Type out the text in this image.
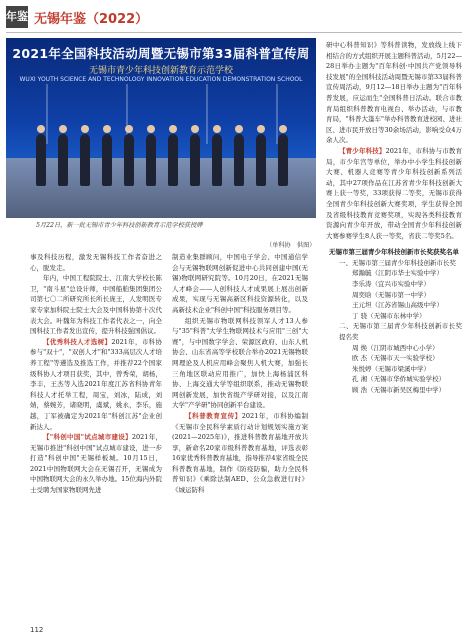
年鉴 无锡年鉴（2022）
2021年全国科技活动周暨无锡市第33届科普宣传周
无锡市青少年科技创新教育示范学校
WUXI YOUTH SCIENCE AND TECHNOLOGY INNOVATION EDUCATION DEMONSTRATION SCHOOL
5月22日，新一批无锡市青少年科技创新教育示范学校获授牌
（单科协　供图）

事及科技历程，激发无锡科技工作者奋进之心，脱发走。

年内，中国工程院院士、江南大学校长陈卫，"南斗星"总设计师，中国船舶集团集团公司第七〇二所研究所长所长庞王，人发明医专家专家加科院士院士大会及中国科协第十次代表大会。叶魏年为科技工作者代表之一，向全国科技工作者发出宣传，提升科技强国倡议。

【优秀科技人才选树】2021年，市科协参与"双十"，"双创人才"和"333高层次人才培养工程"等遴选及推选工作，并推荐22个国家级科协人才项目获奖，其中，曾秀荣，胡杨，李丰，王杰等入选2021年度江苏省科协青年科技人才托举工程，周宝，刘冰，陆成，刘婧，蔡婉芳，诸晓明，虞斌，姚永，李乐，施越，丁军被确定为2021年"科创江苏"企业创新达人。

【"科创中国"试点城市建设】2021年，无锡市推进"科创中国"试点城市建设，进一步打造"科创中国"无锡样板城。10月15日，2021中国物联网大会在无锡召开，无锡成为中国物联网大会的永久举办地。15位海内外院士受聘为国家物联网先进

制造业集群顾问，中国电子学会、中国通信学会与无锡物联网创新促进中心共同创建中国(无锡)物联网研究院等。10月20日，在2021无锡人才峰会——人创科技人才成果展上展出创新成果，实现与无锡高新区科技资源转化，以及高新技术企业"科创中国"科技服务项目等。

组织无锡市物联网科技领军人才13人参与"35"科普"大学生物联网技术与应用"三创"大赛"，与中国数字学会、荣源区政府、山东人机协会、山东省高等学校联合举办2021无锡物联网理论及人机应用峰会聚焦人机大赛，加强长三角地区联动应用推广，加快上海杨浦区科协、上海交通大学等组织联系，推动无锡物联网创新发展，加快省级产学研对接，以及江南大学"产学研"协同创新平台建设。

【科普教育宣传】2021年，市科协编制《无锡市全民科学素质行动计划规划实施方案(2021—2025年)》，推进科普教育基地开放共享，新命名20家市级科普教育基地，评选表彰16家优秀科普教育基地，指导推荐4家省级全民科普教育基地，制作《防疫防骗，助力全民科普知识》《乘除法制AED、公众急救进行时》《城运防科

研中心科普知识》等科普读物，发放线上线下相结合的方式组织开展主题科普活动，5月22—28日举办主题为"百年科创·中国共产党领导科技发展"的全国科技活动周暨无锡市第33届科普宣传周活动，9月12—18日举办主题为"百年科普发展，应运而生"全国科普日活动。联合市教育局组织科普教育电视台、举办活动，与市教育局，"科普大篷车"举办科普教育进校园、进社区、进市民开放日等30余场活动，影响受众4万余人次。

【青少年科技】2021年，市科协与市教育局，市少年宫等单位，举办中小学生科技创新大赛、机器人竞赛等青少年科技创新系列活动，其中27项作品在江苏省青少年科技创新大赛上获一等奖，33项获得二等奖，无锡市获得全国青少年科技创新大赛奖项，学生获得全国及省级科技教育竞赛奖项，实现各类科技教育资源向青少年开放，带动全国青少年科技创新大赛参赛学生8人获一等奖，省获二等奖5名。

无锡市第三届青少年科技创新市长奖获奖名单

一、无锡市第三届青少年科技创新市长奖

郑瀚毓（江阴市华士实验中学）

李乐涛（宜兴市实验中学）

周奕晗（无锡市第一中学）

王元坦（江苏省锡山高级中学）

丁 骁（无锡市东林中学）

二、无锡市第三届青少年科技创新市长奖提名奖

周 焕（江阴市城西中心小学）

欧 杰（无锡市天一实验学校）

朱悦婷（无锡市梁溪中学）

孔 湘（无锡市华侨城实验学校）

顾 浩（无锡市新吴区梅里中学）

112
